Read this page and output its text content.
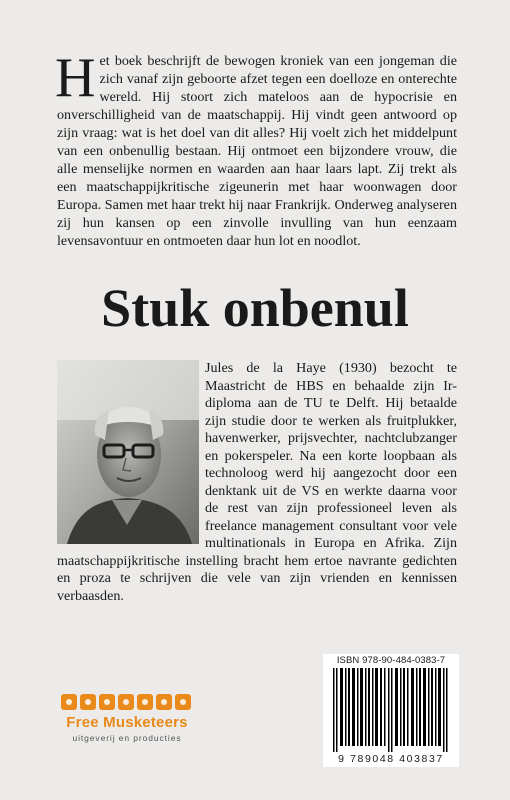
Het boek beschrijft de bewogen kroniek van een jongeman die zich vanaf zijn geboorte afzet tegen een doelloze en onterechte wereld. Hij stoort zich mateloos aan de hypocrisie en onverschilligheid van de maatschappij. Hij vindt geen antwoord op zijn vraag: wat is het doel van dit alles? Hij voelt zich het middelpunt van een onbenullig bestaan. Hij ontmoet een bijzondere vrouw, die alle menselijke normen en waarden aan haar laars lapt. Zij trekt als een maatschappijkritische zigeunerin met haar woonwagen door Europa. Samen met haar trekt hij naar Frankrijk. Onderweg analyseren zij hun kansen op een zinvolle invulling van hun eenzaam levensavontuur en ontmoeten daar hun lot en noodlot.

Stuk onbenul

Jules de la Haye (1930) bezocht te Maastricht de HBS en behaalde zijn Ir-diploma aan de TU te Delft. Hij betaalde zijn studie door te werken als fruitplukker, havenwerker, prijsvechter, nachtclubzanger en pokerspeler. Na een korte loopbaan als technoloog werd hij aangezocht door een denktank uit de VS en werkte daarna voor de rest van zijn professioneel leven als freelance management consultant voor vele multinationals in Europa en Afrika. Zijn maatschappijkritische instelling bracht hem ertoe navrante gedichten en proza te schrijven die vele van zijn vrienden en kennissen verbaasden.

ISBN 978-90-484-0383-7
9 789048 403837
Free Musketeers
uitgeverij en producties
